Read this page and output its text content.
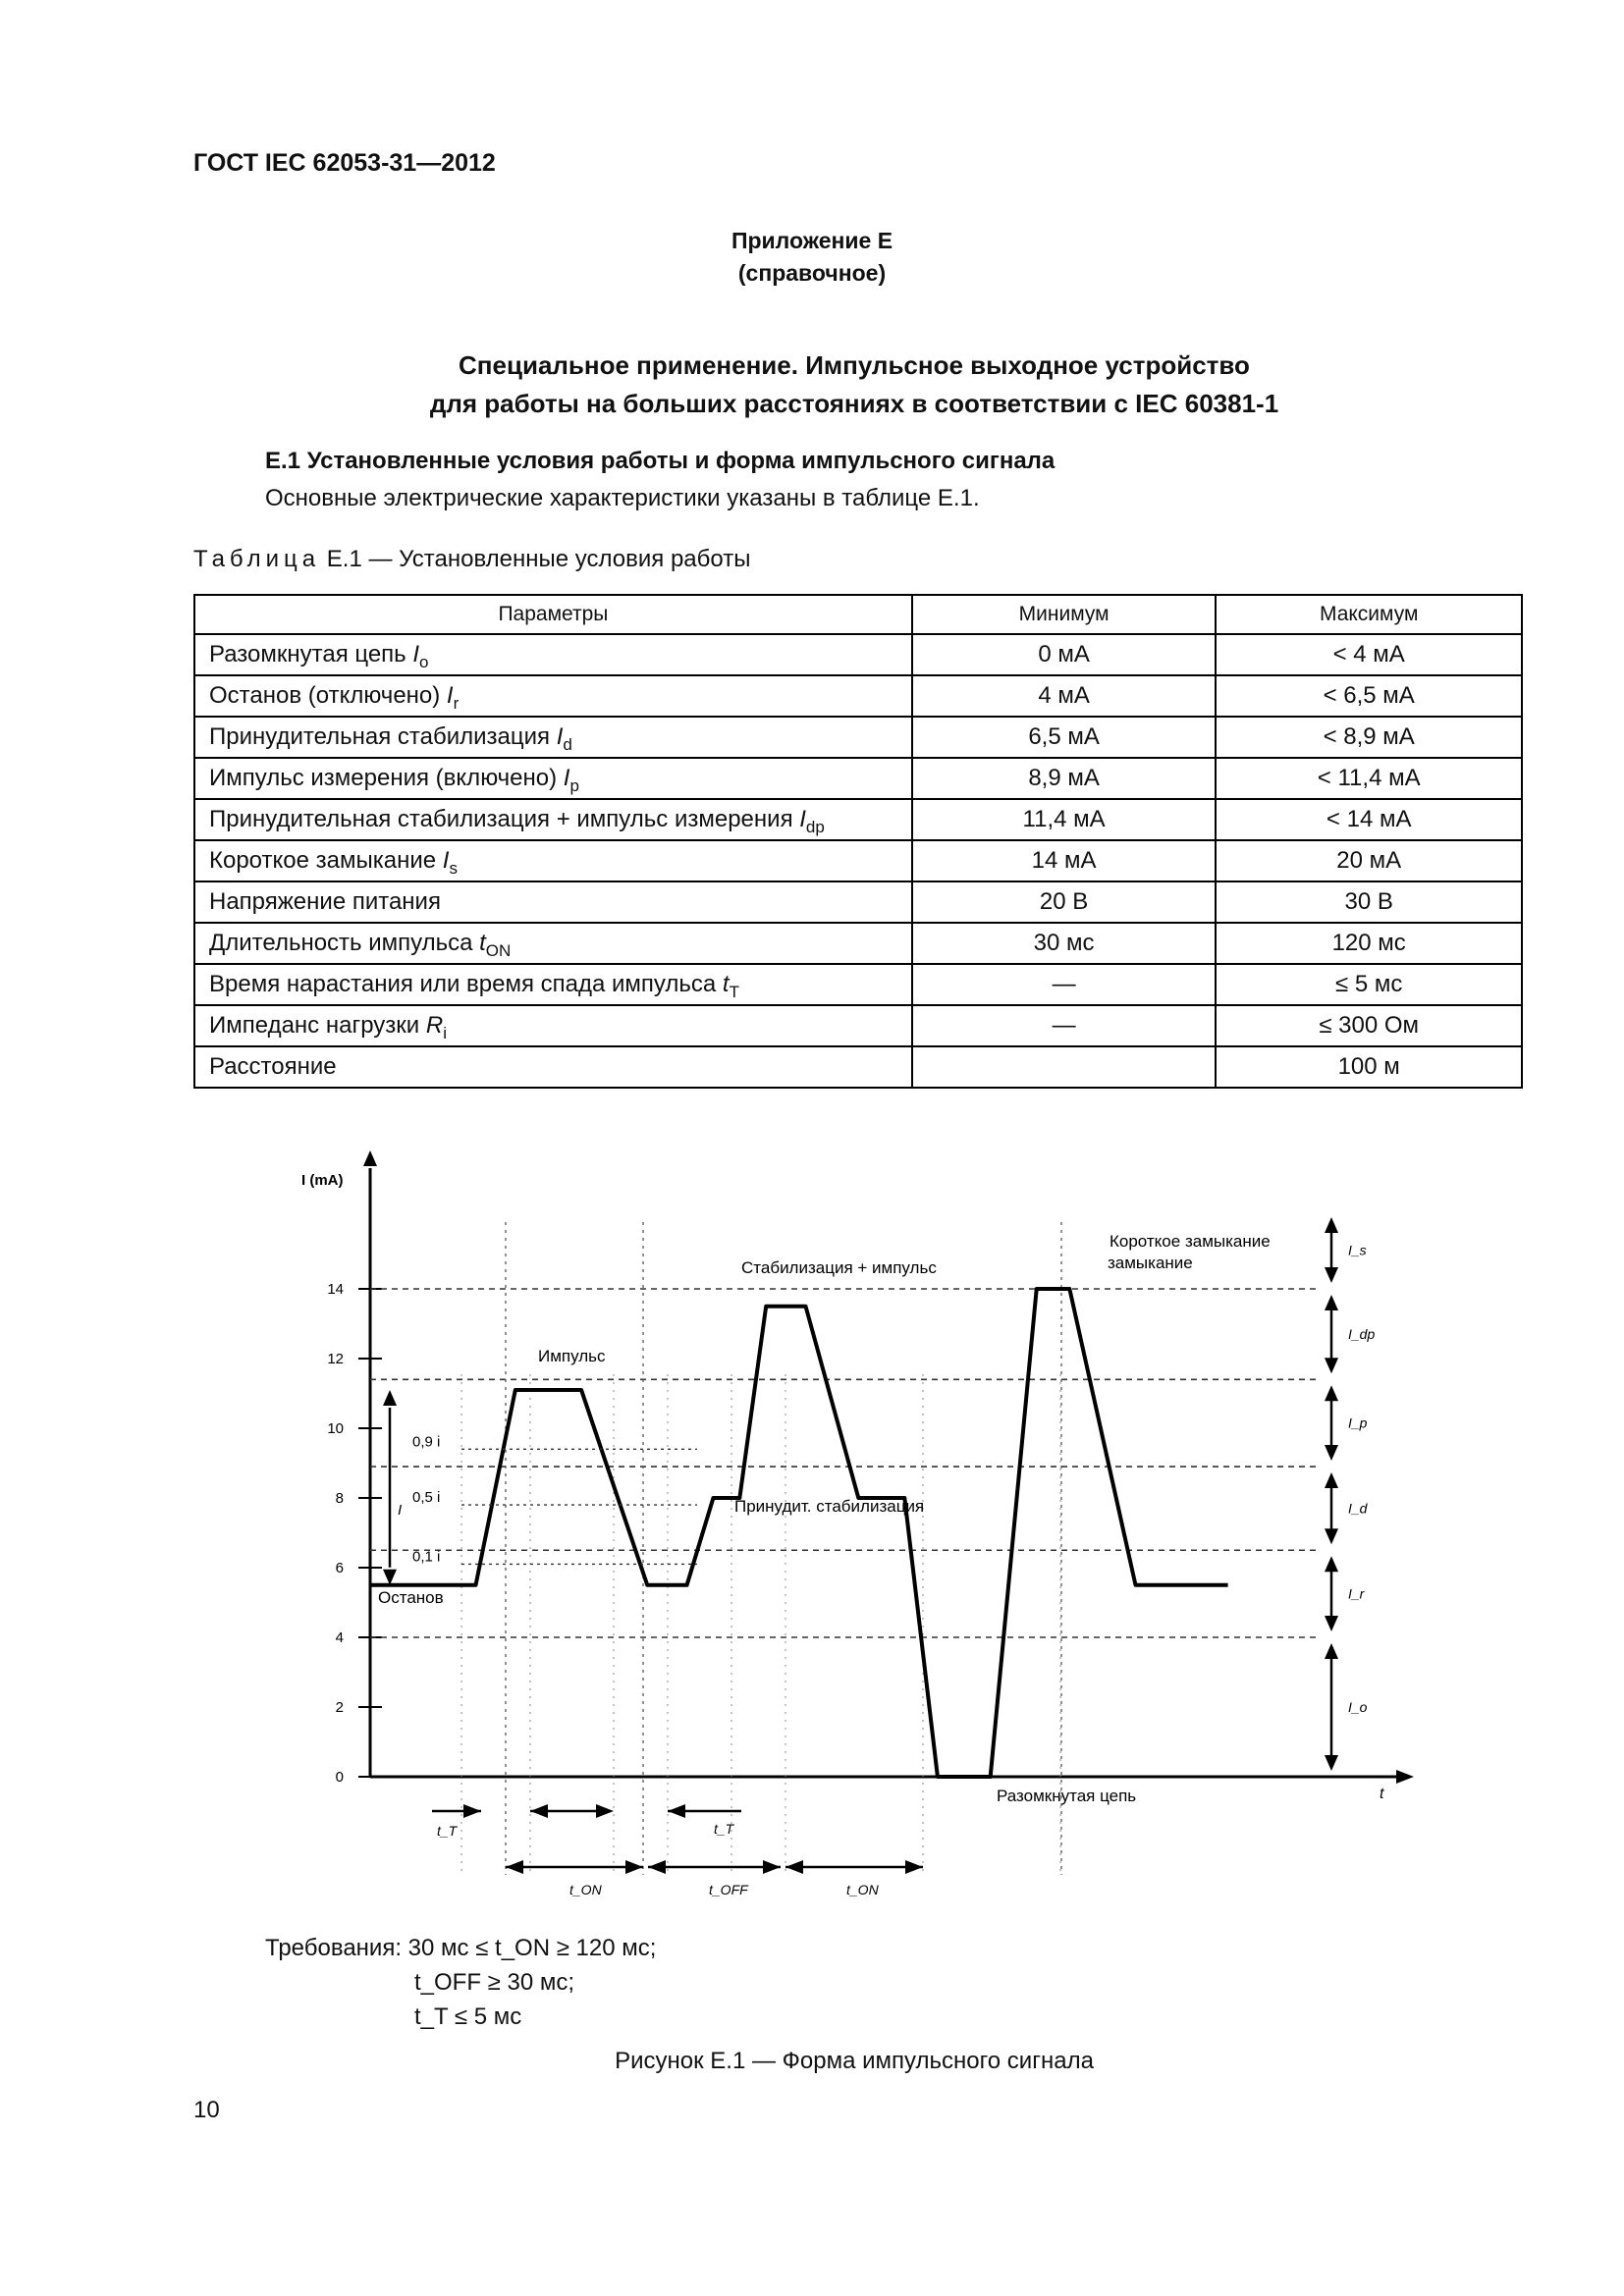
ГОСТ IEC 62053-31—2012
Приложение E
(справочное)
Специальное применение. Импульсное выходное устройство
для работы на больших расстояниях в соответствии с IEC 60381-1
E.1 Установленные условия работы и форма импульсного сигнала
Основные электрические характеристики указаны в таблице E.1.
Таблица E.1 — Установленные условия работы
Параметры	Минимум	Максимум
Разомкнутая цепь $I_o$	0 мА	< 4 мА
Останов (отключено) $I_r$	4 мА	< 6,5 мА
Принудительная стабилизация $I_d$	6,5 мА	< 8,9 мА
Импульс измерения (включено) $I_p$	8,9 мА	< 11,4 мА
Принудительная стабилизация + импульс измерения $I_{dp}$	11,4 мА	< 14 мА
Короткое замыкание $I_s$	14 мА	20 мА
Напряжение питания	20 В	30 В
Длительность импульса $t_{ON}$	30 мс	120 мс
Время нарастания или время спада импульса $t_T$	—	≤ 5 мс
Импеданс нагрузки $R_i$	—	≤ 300 Ом
Расстояние		100 м
I (mA)
t
0
2
4
6
8
10
12
14
0,9 i
0,5 i
0,1 i
I
Останов
Импульс
Стабилизация + импульс
Принудит. стабилизация
Короткое замыкание
Разомкнутая цепь
замыкание
I_s
I_dp
I_p
I_d
I_r
I_o
t_T	t_T
t_ON	t_OFF	t_ON
Требования: 30 мс ≤ t_ON ≥ 120 мс;
t_OFF ≥ 30 мс;
t_T ≤ 5 мс
Рисунок E.1 — Форма импульсного сигнала
10
